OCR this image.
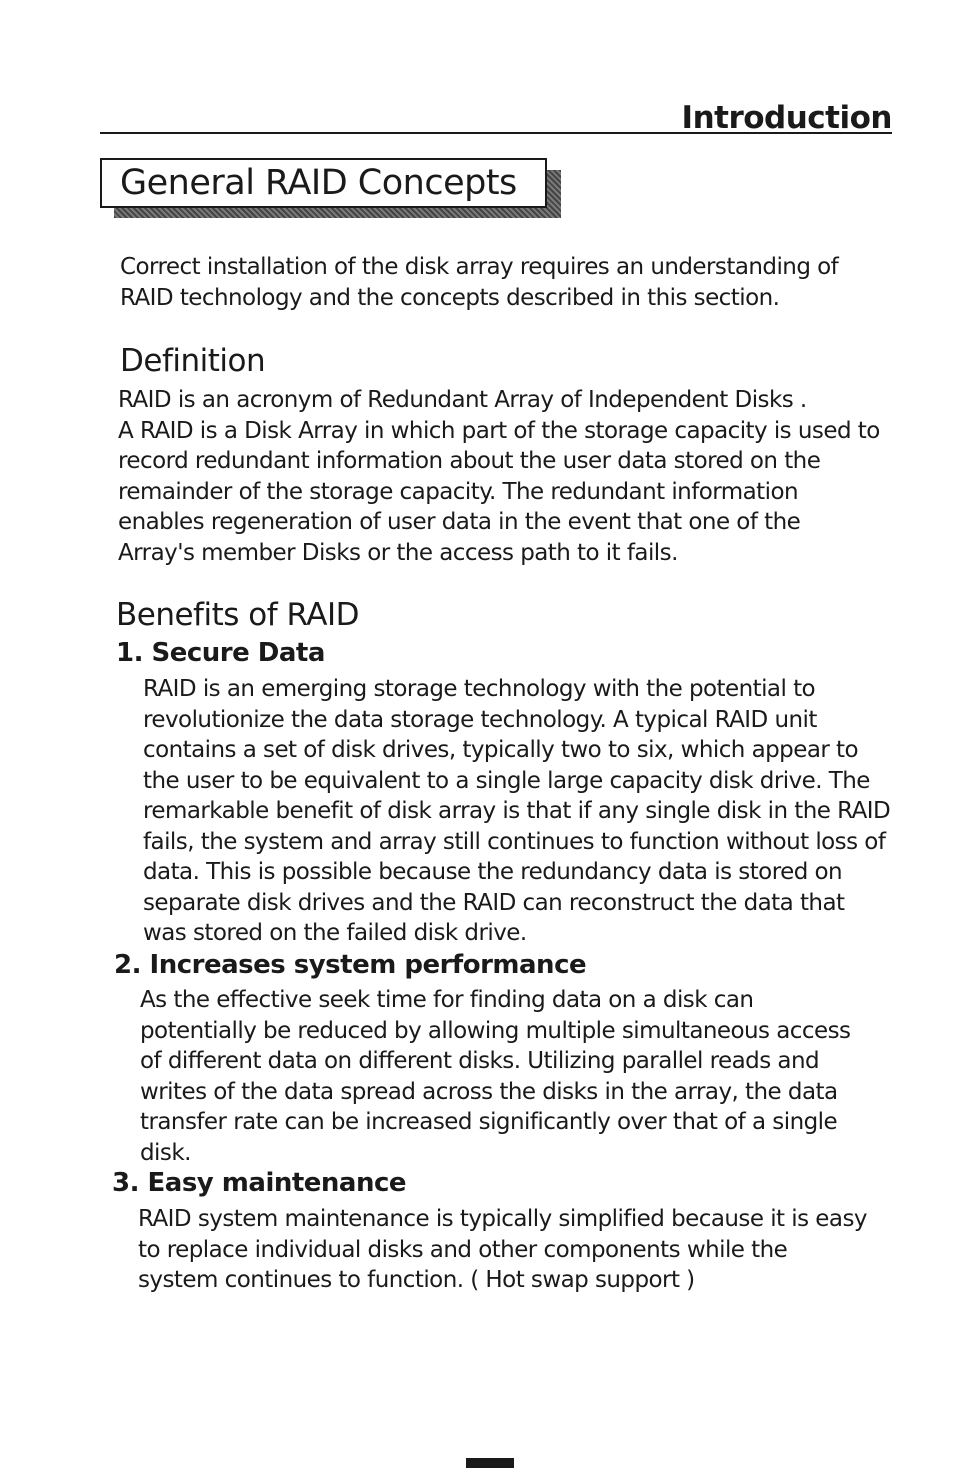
Introduction
General RAID Concepts
Correct installation of the disk array requires an understanding of
RAID technology and the concepts described in this section.
Definition
RAID is an acronym of Redundant Array of Independent Disks .
A RAID is a Disk Array in which part of the storage capacity is used to
record redundant information about the user data stored on the
remainder of the storage capacity. The redundant information
enables regeneration of user data in the event that one of the
Array's member Disks or the access path to it fails.
Benefits of RAID
1. Secure Data
RAID is an emerging storage technology with the potential to
revolutionize the data storage technology. A typical RAID unit
contains a set of disk drives, typically two to six, which appear to
the user to be equivalent to a single large capacity disk drive. The
remarkable benefit of disk array is that if any single disk in the RAID
fails, the system and array still continues to function without loss of
data. This is possible because the redundancy data is stored on
separate disk drives and the RAID can reconstruct the data that
was stored on the failed disk drive.
2. Increases system performance
As the effective seek time for finding data on a disk can
potentially be reduced by allowing multiple simultaneous access
of different data on different disks. Utilizing parallel reads and
writes of the data spread across the disks in the array, the data
transfer rate can be increased significantly over that of a single
disk.
3. Easy maintenance
RAID system maintenance is typically simplified because it is easy
to replace individual disks and other components while the
system continues to function. ( Hot swap support )
